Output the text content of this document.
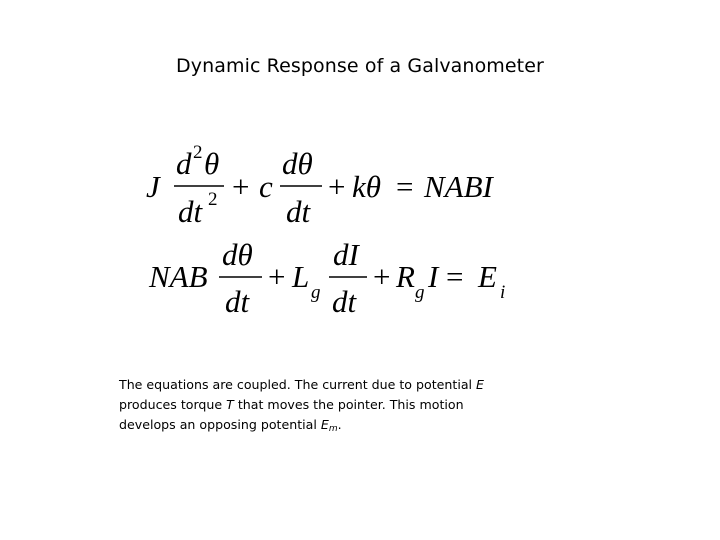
Dynamic Response of a Galvanometer
J
d 2 θ
dt 2 + c
dθ
dt
+ kθ = NABI
NAB
dθ
dt
+ L g
dI
dt
+ R g I = E i
The equations are coupled. The current due to potential E
produces torque T that moves the pointer. This motion
develops an opposing potential $E_m$.
